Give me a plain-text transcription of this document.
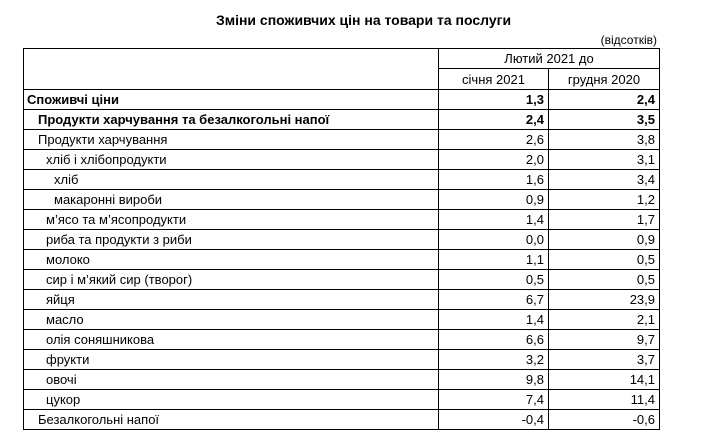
Зміни споживчих цін на товари та послуги
(відсотків)
	Лютий 2021 до	
	січня 2021	грудня 2020
Споживчі ціни	1,3	2,4
Продукти харчування та безалкогольні напої	2,4	3,5
Продукти харчування	2,6	3,8
хліб і хлібопродукти	2,0	3,1
хліб	1,6	3,4
макаронні вироби	0,9	1,2
м’ясо та м’ясопродукти	1,4	1,7
риба та продукти з риби	0,0	0,9
молоко	1,1	0,5
сир і м’який сир (творог)	0,5	0,5
яйця	6,7	23,9
масло	1,4	2,1
олія соняшникова	6,6	9,7
фрукти	3,2	3,7
овочі	9,8	14,1
цукор	7,4	11,4
Безалкогольні напої	-0,4	-0,6
